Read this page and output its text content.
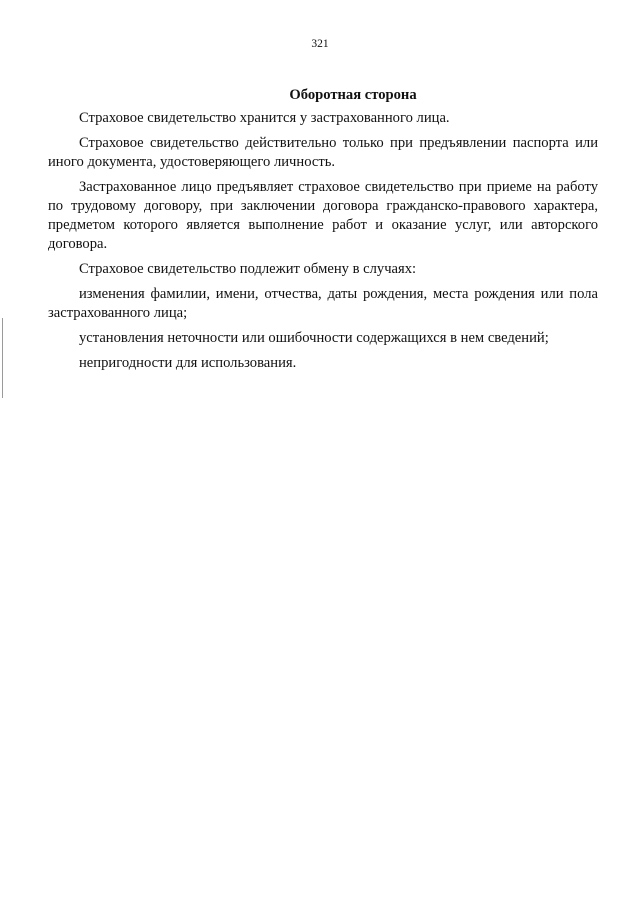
321
Оборотная сторона

Страховое свидетельство хранится у застрахованного лица.

Страховое свидетельство действительно только при предъявлении паспорта или иного документа, удостоверяющего личность.

Застрахованное лицо предъявляет страховое свидетельство при приеме на работу по трудовому договору, при заключении договора гражданско-правового характера, предметом которого является выполнение работ и оказание услуг, или авторского договора.

Страховое свидетельство подлежит обмену в случаях:

изменения фамилии, имени, отчества, даты рождения, места рождения или пола застрахованного лица;

установления неточности или ошибочности содержащихся в нем сведений;

непригодности для использования.
